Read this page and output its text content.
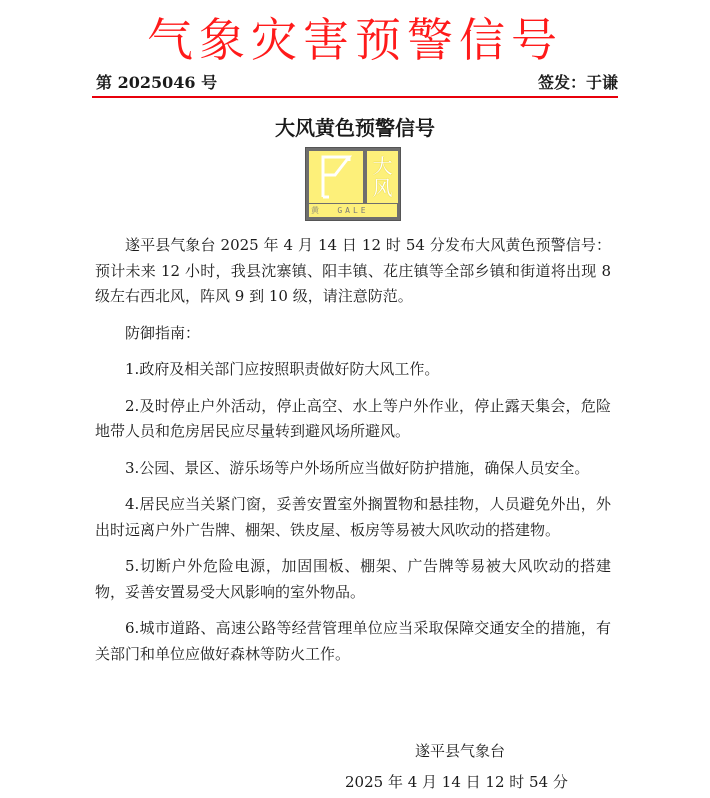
气象灾害预警信号
第 2025046 号	签发：于谦
大风黄色预警信号
大
风
黄 GALE

遂平县气象台 2025 年 4 月 14 日 12 时 54 分发布大风黄色预警信号：预计未来 12 小时，我县沈寨镇、阳丰镇、花庄镇等全部乡镇和街道将出现 8 级左右西北风，阵风 9 到 10 级，请注意防范。

防御指南：

1.政府及相关部门应按照职责做好防大风工作。

2.及时停止户外活动，停止高空、水上等户外作业，停止露天集会，危险地带人员和危房居民应尽量转到避风场所避风。

3.公园、景区、游乐场等户外场所应当做好防护措施，确保人员安全。

4.居民应当关紧门窗，妥善安置室外搁置物和悬挂物，人员避免外出，外出时远离户外广告牌、棚架、铁皮屋、板房等易被大风吹动的搭建物。

5.切断户外危险电源，加固围板、棚架、广告牌等易被大风吹动的搭建物，妥善安置易受大风影响的室外物品。

6.城市道路、高速公路等经营管理单位应当采取保障交通安全的措施，有关部门和单位应做好森林等防火工作。

遂平县气象台
2025 年 4 月 14 日 12 时 54 分
